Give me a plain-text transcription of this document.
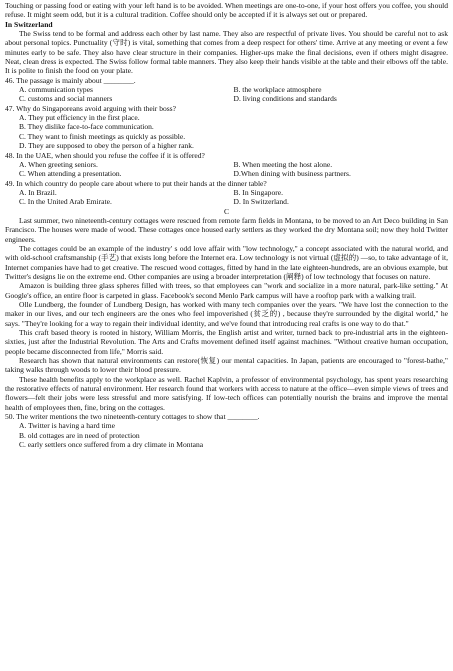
Touching or passing food or eating with your left hand is to be avoided. When meetings are one-to-one, if your host offers you coffee, you should refuse. It might seem odd, but it is a cultural tradition. Coffee should only be accepted if it is always set out or prepared.

In Switzerland

The Swiss tend to be formal and address each other by last name. They also are respectful of private lives. You should be careful not to ask about personal topics. Punctuality (守时) is vital, something that comes from a deep respect for others' time. Arrive at any meeting or event a few minutes early to be safe. They also have clear structure in their companies. Higher-ups make the final decisions, even if others might disagree. Neat, clean dress is expected. The Swiss follow formal table manners. They also keep their hands visible at the table and their elbows off the table. It is polite to finish the food on your plate.

46. The passage is mainly about ________.

A. communication types	B. the workplace atmosphere
C. customs and social manners	D. living conditions and standards

47. Why do Singaporeans avoid arguing with their boss?

A. They put efficiency in the first place.
B. They dislike face-to-face communication.
C. They want to finish meetings as quickly as possible.
D. They are supposed to obey the person of a higher rank.

48. In the UAE, when should you refuse the coffee if it is offered?

A. When greeting seniors.	B. When meeting the host alone.
C. When attending a presentation.	D.When dining with business partners.

49. In which country do people care about where to put their hands at the dinner table?

A. In Brazil.	B. In Singapore.
C. In the United Arab Emirate.	D. In Switzerland.

C

Last summer, two nineteenth-century cottages were rescued from remote farm fields in Montana, to be moved to an Art Deco building in San Francisco. The houses were made of wood. These cottages once housed early settlers as they worked the dry Montana soil; now they hold Twitter engineers.

The cottages could be an example of the industry' s odd love affair with "low technology," a concept associated with the natural world, and with old-school craftsmanship (手艺) that exists long before the Internet era. Low technology is not virtual (虚拟的) —so, to take advantage of it, Internet companies have had to get creative. The rescued wood cottages, fitted by hand in the late eighteen-hundreds, are an obvious example, but Twitter's designs lie on the extreme end. Other companies are using a broader interpretation (阐释) of low technology that focuses on nature.

Amazon is building three glass spheres filled with trees, so that employees can "work and socialize in a more natural, park-like setting." At Google's office, an entire floor is carpeted in glass. Facebook's second Menlo Park campus will have a rooftop park with a walking trail.

Olle Lundberg, the founder of Lundberg Design, has worked with many tech companies over the years. "We have lost the connection to the maker in our lives, and our tech engineers are the ones who feel impoverished (贫乏的) , because they're surrounded by the digital world," he says. "They're looking for a way to regain their individual identity, and we've found that introducing real crafts is one way to do that."

This craft based theory is rooted in history, William Morris, the English artist and writer, turned back to pre-industrial arts in the eighteen-sixties, just after the Industrial Revolution. The Arts and Crafts movement defined itself against machines. "Without creative human occupation, people became disconnected from life," Morris said.

Research has shown that natural environments can restore(恢复) our mental capacities. In Japan, patients are encouraged to "forest-bathe," taking walks through woods to lower their blood pressure.

These health benefits apply to the workplace as well. Rachel Kaplvin, a professor of environmental psychology, has spent years researching the restorative effects of natural environment. Her research found that workers with access to nature at the office—even simple views of trees and flowers—felt their jobs were less stressful and more satisfying. If low-tech offices can potentially nourish the brains and improve the mental health of employees then, fine, bring on the cottages.

50. The writer mentions the two nineteenth-century cottages to show that ________.

A. Twitter is having a hard time
B. old cottages are in need of protection
C. early settlers once suffered from a dry climate in Montana
